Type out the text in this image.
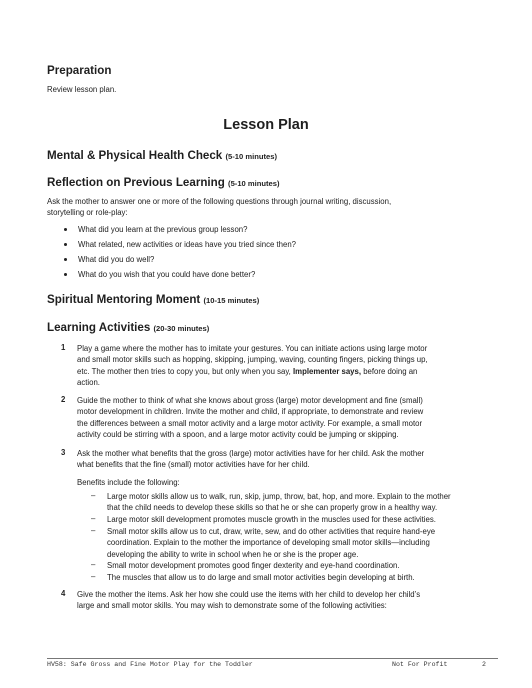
Preparation
Review lesson plan.
Lesson Plan
Mental & Physical Health Check (5-10 minutes)
Reflection on Previous Learning (5-10 minutes)
Ask the mother to answer one or more of the following questions through journal writing, discussion,
storytelling or role-play:
What did you learn at the previous group lesson?
What related, new activities or ideas have you tried since then?
What did you do well?
What do you wish that you could have done better?
Spiritual Mentoring Moment (10-15 minutes)
Learning Activities (20-30 minutes)
1 Play a game where the mother has to imitate your gestures. You can initiate actions using large motor
and small motor skills such as hopping, skipping, jumping, waving, counting fingers, picking things up,
etc. The mother then tries to copy you, but only when you say, Implementer says, before doing an
action.
2 Guide the mother to think of what she knows about gross (large) motor development and fine (small)
motor development in children. Invite the mother and child, if appropriate, to demonstrate and review
the differences between a small motor activity and a large motor activity. For example, a small motor
activity could be stirring with a spoon, and a large motor activity could be jumping or skipping.
3 Ask the mother what benefits that the gross (large) motor activities have for her child. Ask the mother
what benefits that the fine (small) motor activities have for her child.
Benefits include the following:
– Large motor skills allow us to walk, run, skip, jump, throw, bat, hop, and more. Explain to the mother
that the child needs to develop these skills so that he or she can properly grow in a healthy way.
– Large motor skill development promotes muscle growth in the muscles used for these activities.
– Small motor skills allow us to cut, draw, write, sew, and do other activities that require hand-eye
coordination. Explain to the mother the importance of developing small motor skills—including
developing the ability to write in school when he or she is the proper age.
– Small motor development promotes good finger dexterity and eye-hand coordination.
– The muscles that allow us to do large and small motor activities begin developing at birth.
4 Give the mother the items. Ask her how she could use the items with her child to develop her child’s
large and small motor skills. You may wish to demonstrate some of the following activities:
HV58: Safe Gross and Fine Motor Play for the Toddler	Not For Profit	2
